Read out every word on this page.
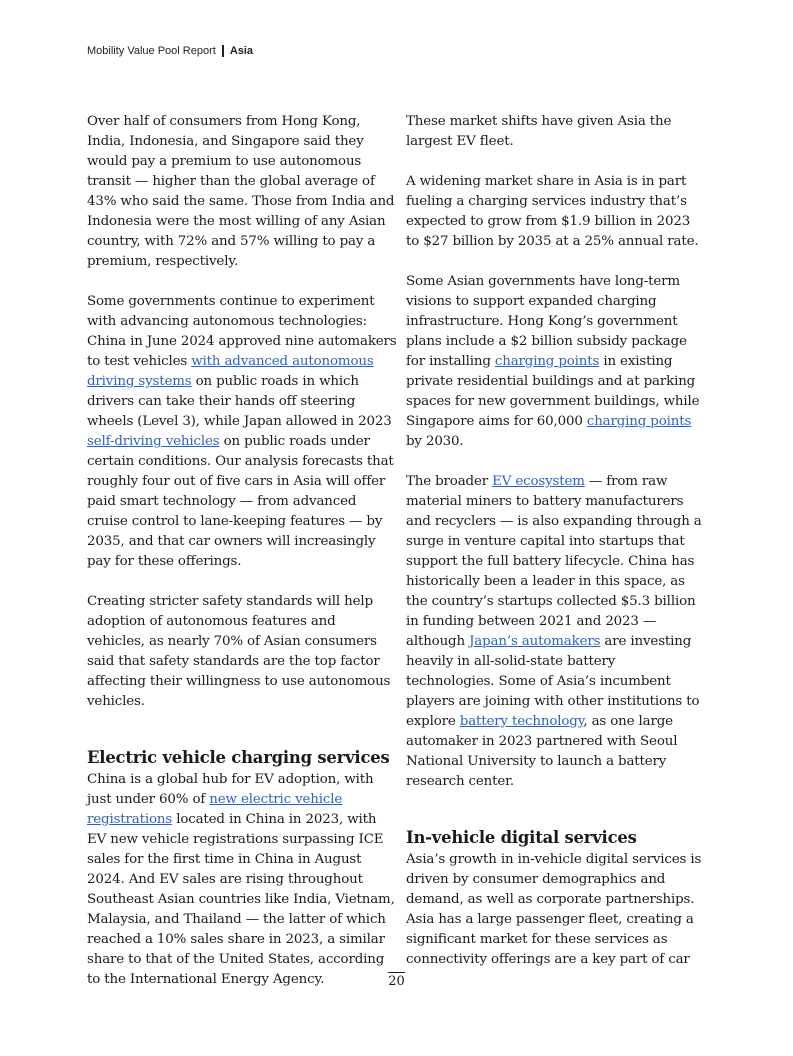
Mobility Value Pool Report Asia

Over half of consumers from Hong Kong, India, Indonesia, and Singapore said they would pay a premium to use autonomous transit — higher than the global average of 43% who said the same. Those from India and Indonesia were the most willing of any Asian country, with 72% and 57% willing to pay a premium, respectively.

Some governments continue to experiment with advancing autonomous technologies: China in June 2024 approved nine automakers to test vehicles with advanced autonomous driving systems on public roads in which drivers can take their hands off steering wheels (Level 3), while Japan allowed in 2023 self-driving vehicles on public roads under certain conditions. Our analysis forecasts that roughly four out of five cars in Asia will offer paid smart technology — from advanced cruise control to lane-keeping features — by 2035, and that car owners will increasingly pay for these offerings.

Creating stricter safety standards will help adoption of autonomous features and vehicles, as nearly 70% of Asian consumers said that safety standards are the top factor affecting their willingness to use autonomous vehicles.

Electric vehicle charging services

China is a global hub for EV adoption, with just under 60% of new electric vehicle registrations located in China in 2023, with EV new vehicle registrations surpassing ICE sales for the first time in China in August 2024. And EV sales are rising throughout Southeast Asian countries like India, Vietnam, Malaysia, and Thailand — the latter of which reached a 10% sales share in 2023, a similar share to that of the United States, according to the International Energy Agency.

These market shifts have given Asia the largest EV fleet.

A widening market share in Asia is in part fueling a charging services industry that’s expected to grow from $1.9 billion in 2023 to $27 billion by 2035 at a 25% annual rate.

Some Asian governments have long-term visions to support expanded charging infrastructure. Hong Kong’s government plans include a $2 billion subsidy package for installing charging points in existing private residential buildings and at parking spaces for new government buildings, while Singapore aims for 60,000 charging points by 2030.

The broader EV ecosystem — from raw material miners to battery manufacturers and recyclers — is also expanding through a surge in venture capital into startups that support the full battery lifecycle. China has historically been a leader in this space, as the country’s startups collected $5.3 billion in funding between 2021 and 2023 — although Japan’s automakers are investing heavily in all-solid-state battery technologies. Some of Asia’s incumbent players are joining with other institutions to explore battery technology, as one large automaker in 2023 partnered with Seoul National University to launch a battery research center.

In-vehicle digital services

Asia’s growth in in-vehicle digital services is driven by consumer demographics and demand, as well as corporate partnerships. Asia has a large passenger fleet, creating a significant market for these services as connectivity offerings are a key part of car

20
